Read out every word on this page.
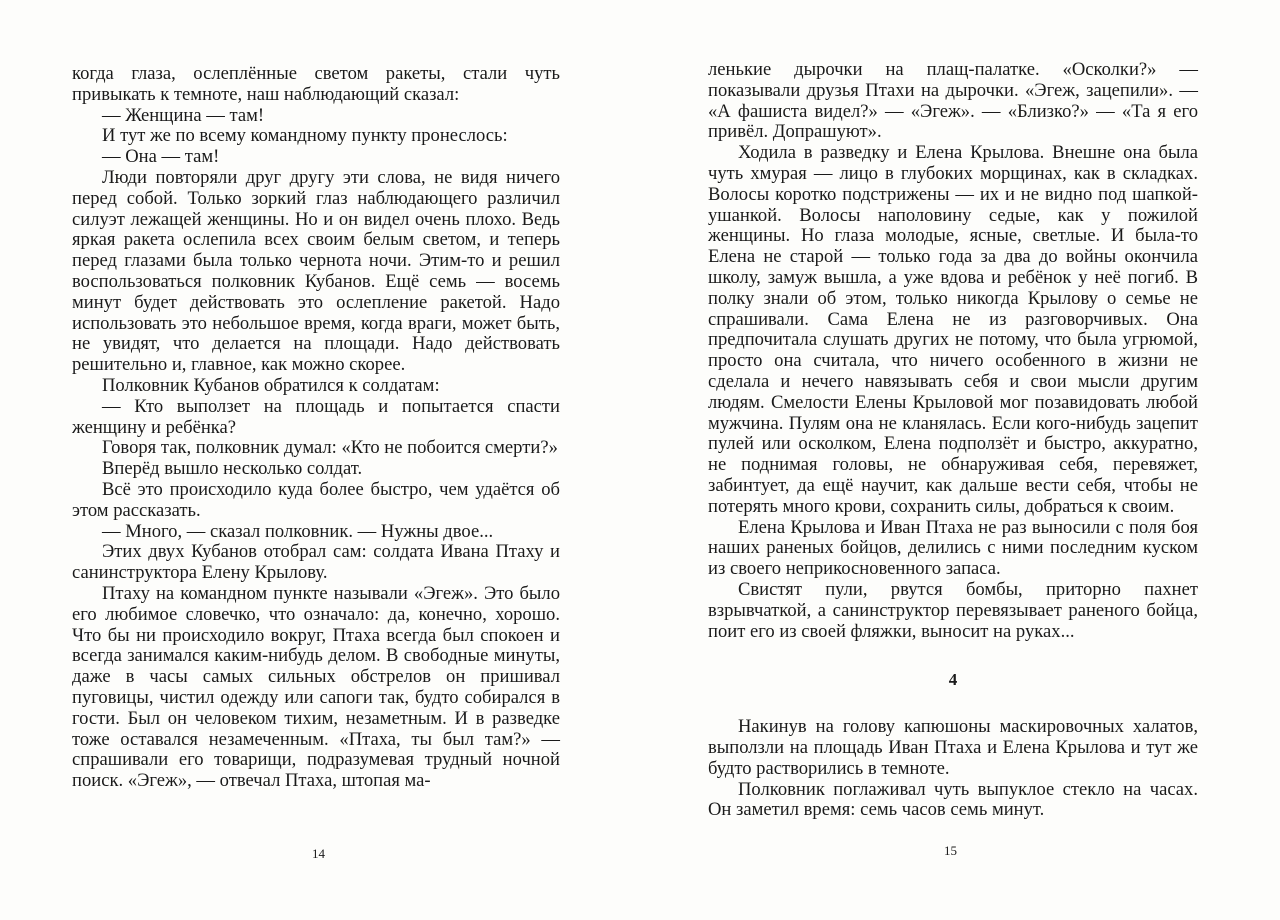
когда глаза, ослеплённые светом ракеты, стали чуть привыкать к темноте, наш наблюдающий сказал:

— Женщина — там!

И тут же по всему командному пункту пронеслось:

— Она — там!

Люди повторяли друг другу эти слова, не видя ничего перед собой. Только зоркий глаз наблюдающего различил силуэт лежащей женщины. Но и он видел очень плохо. Ведь яркая ракета ослепила всех своим белым светом, и теперь перед глазами была только чернота ночи. Этим-то и решил воспользоваться полковник Кубанов. Ещё семь — восемь минут будет действовать это ослепление ракетой. Надо использовать это небольшое время, когда враги, может быть, не увидят, что делается на площади. Надо действовать решительно и, главное, как можно скорее.

Полковник Кубанов обратился к солдатам:

— Кто выползет на площадь и попытается спасти женщину и ребёнка?

Говоря так, полковник думал: «Кто не побоится смерти?»

Вперёд вышло несколько солдат.

Всё это происходило куда более быстро, чем удаётся об этом рассказать.

— Много, — сказал полковник. — Нужны двое...

Этих двух Кубанов отобрал сам: солдата Ивана Птаху и санинструктора Елену Крылову.

Птаху на командном пункте называли «Эгеж». Это было его любимое словечко, что означало: да, конечно, хорошо. Что бы ни происходило вокруг, Птаха всегда был спокоен и всегда занимался каким-нибудь делом. В свободные минуты, даже в часы самых сильных обстрелов он пришивал пуговицы, чистил одежду или сапоги так, будто собирался в гости. Был он человеком тихим, незаметным. И в разведке тоже оставался незамеченным. «Птаха, ты был там?» — спрашивали его товарищи, подразумевая трудный ночной поиск. «Эгеж», — отвечал Птаха, штопая ма-

14

ленькие дырочки на плащ-палатке. «Осколки?» — показывали друзья Птахи на дырочки. «Эгеж, зацепили». — «А фашиста видел?» — «Эгеж». — «Близко?» — «Та я его привёл. Допрашуют».

Ходила в разведку и Елена Крылова. Внешне она была чуть хмурая — лицо в глубоких морщинах, как в складках. Волосы коротко подстрижены — их и не видно под шапкой-ушанкой. Волосы наполовину седые, как у пожилой женщины. Но глаза молодые, ясные, светлые. И была-то Елена не старой — только года за два до войны окончила школу, замуж вышла, а уже вдова и ребёнок у неё погиб. В полку знали об этом, только никогда Крылову о семье не спрашивали. Сама Елена не из разговорчивых. Она предпочитала слушать других не потому, что была угрюмой, просто она считала, что ничего особенного в жизни не сделала и нечего навязывать себя и свои мысли другим людям. Смелости Елены Крыловой мог позавидовать любой мужчина. Пулям она не кланялась. Если кого-нибудь зацепит пулей или осколком, Елена подползёт и быстро, аккуратно, не поднимая головы, не обнаруживая себя, перевяжет, забинтует, да ещё научит, как дальше вести себя, чтобы не потерять много крови, сохранить силы, добраться к своим.

Елена Крылова и Иван Птаха не раз выносили с поля боя наших раненых бойцов, делились с ними последним куском из своего неприкосновенного запаса.

Свистят пули, рвутся бомбы, приторно пахнет взрывчаткой, а санинструктор перевязывает раненого бойца, поит его из своей фляжки, выносит на руках...

4

Накинув на голову капюшоны маскировочных халатов, выползли на площадь Иван Птаха и Елена Крылова и тут же будто растворились в темноте.

Полковник поглаживал чуть выпуклое стекло на часах. Он заметил время: семь часов семь минут.

15
